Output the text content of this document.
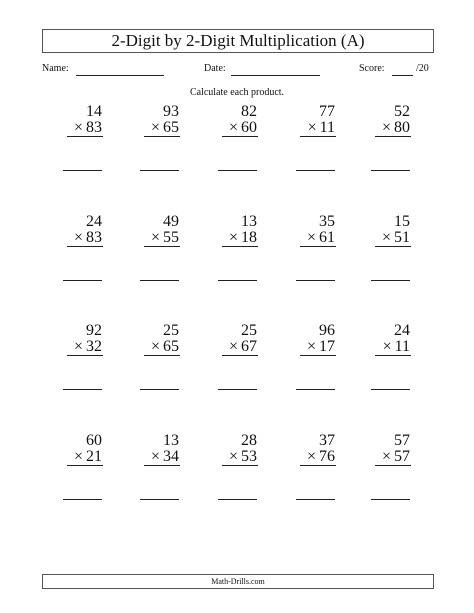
2-Digit by 2-Digit Multiplication (A)
Name:	Date:	Score:	/20
Calculate each product.
14
× 83
93
× 65
82
× 60
77
× 11
52
× 80
24
× 83
49
× 55
13
× 18
35
× 61
15
× 51
92
× 32
25
× 65
25
× 67
96
× 17
24
× 11
60
× 21
13
× 34
28
× 53
37
× 76
57
× 57
Math-Drills.com
